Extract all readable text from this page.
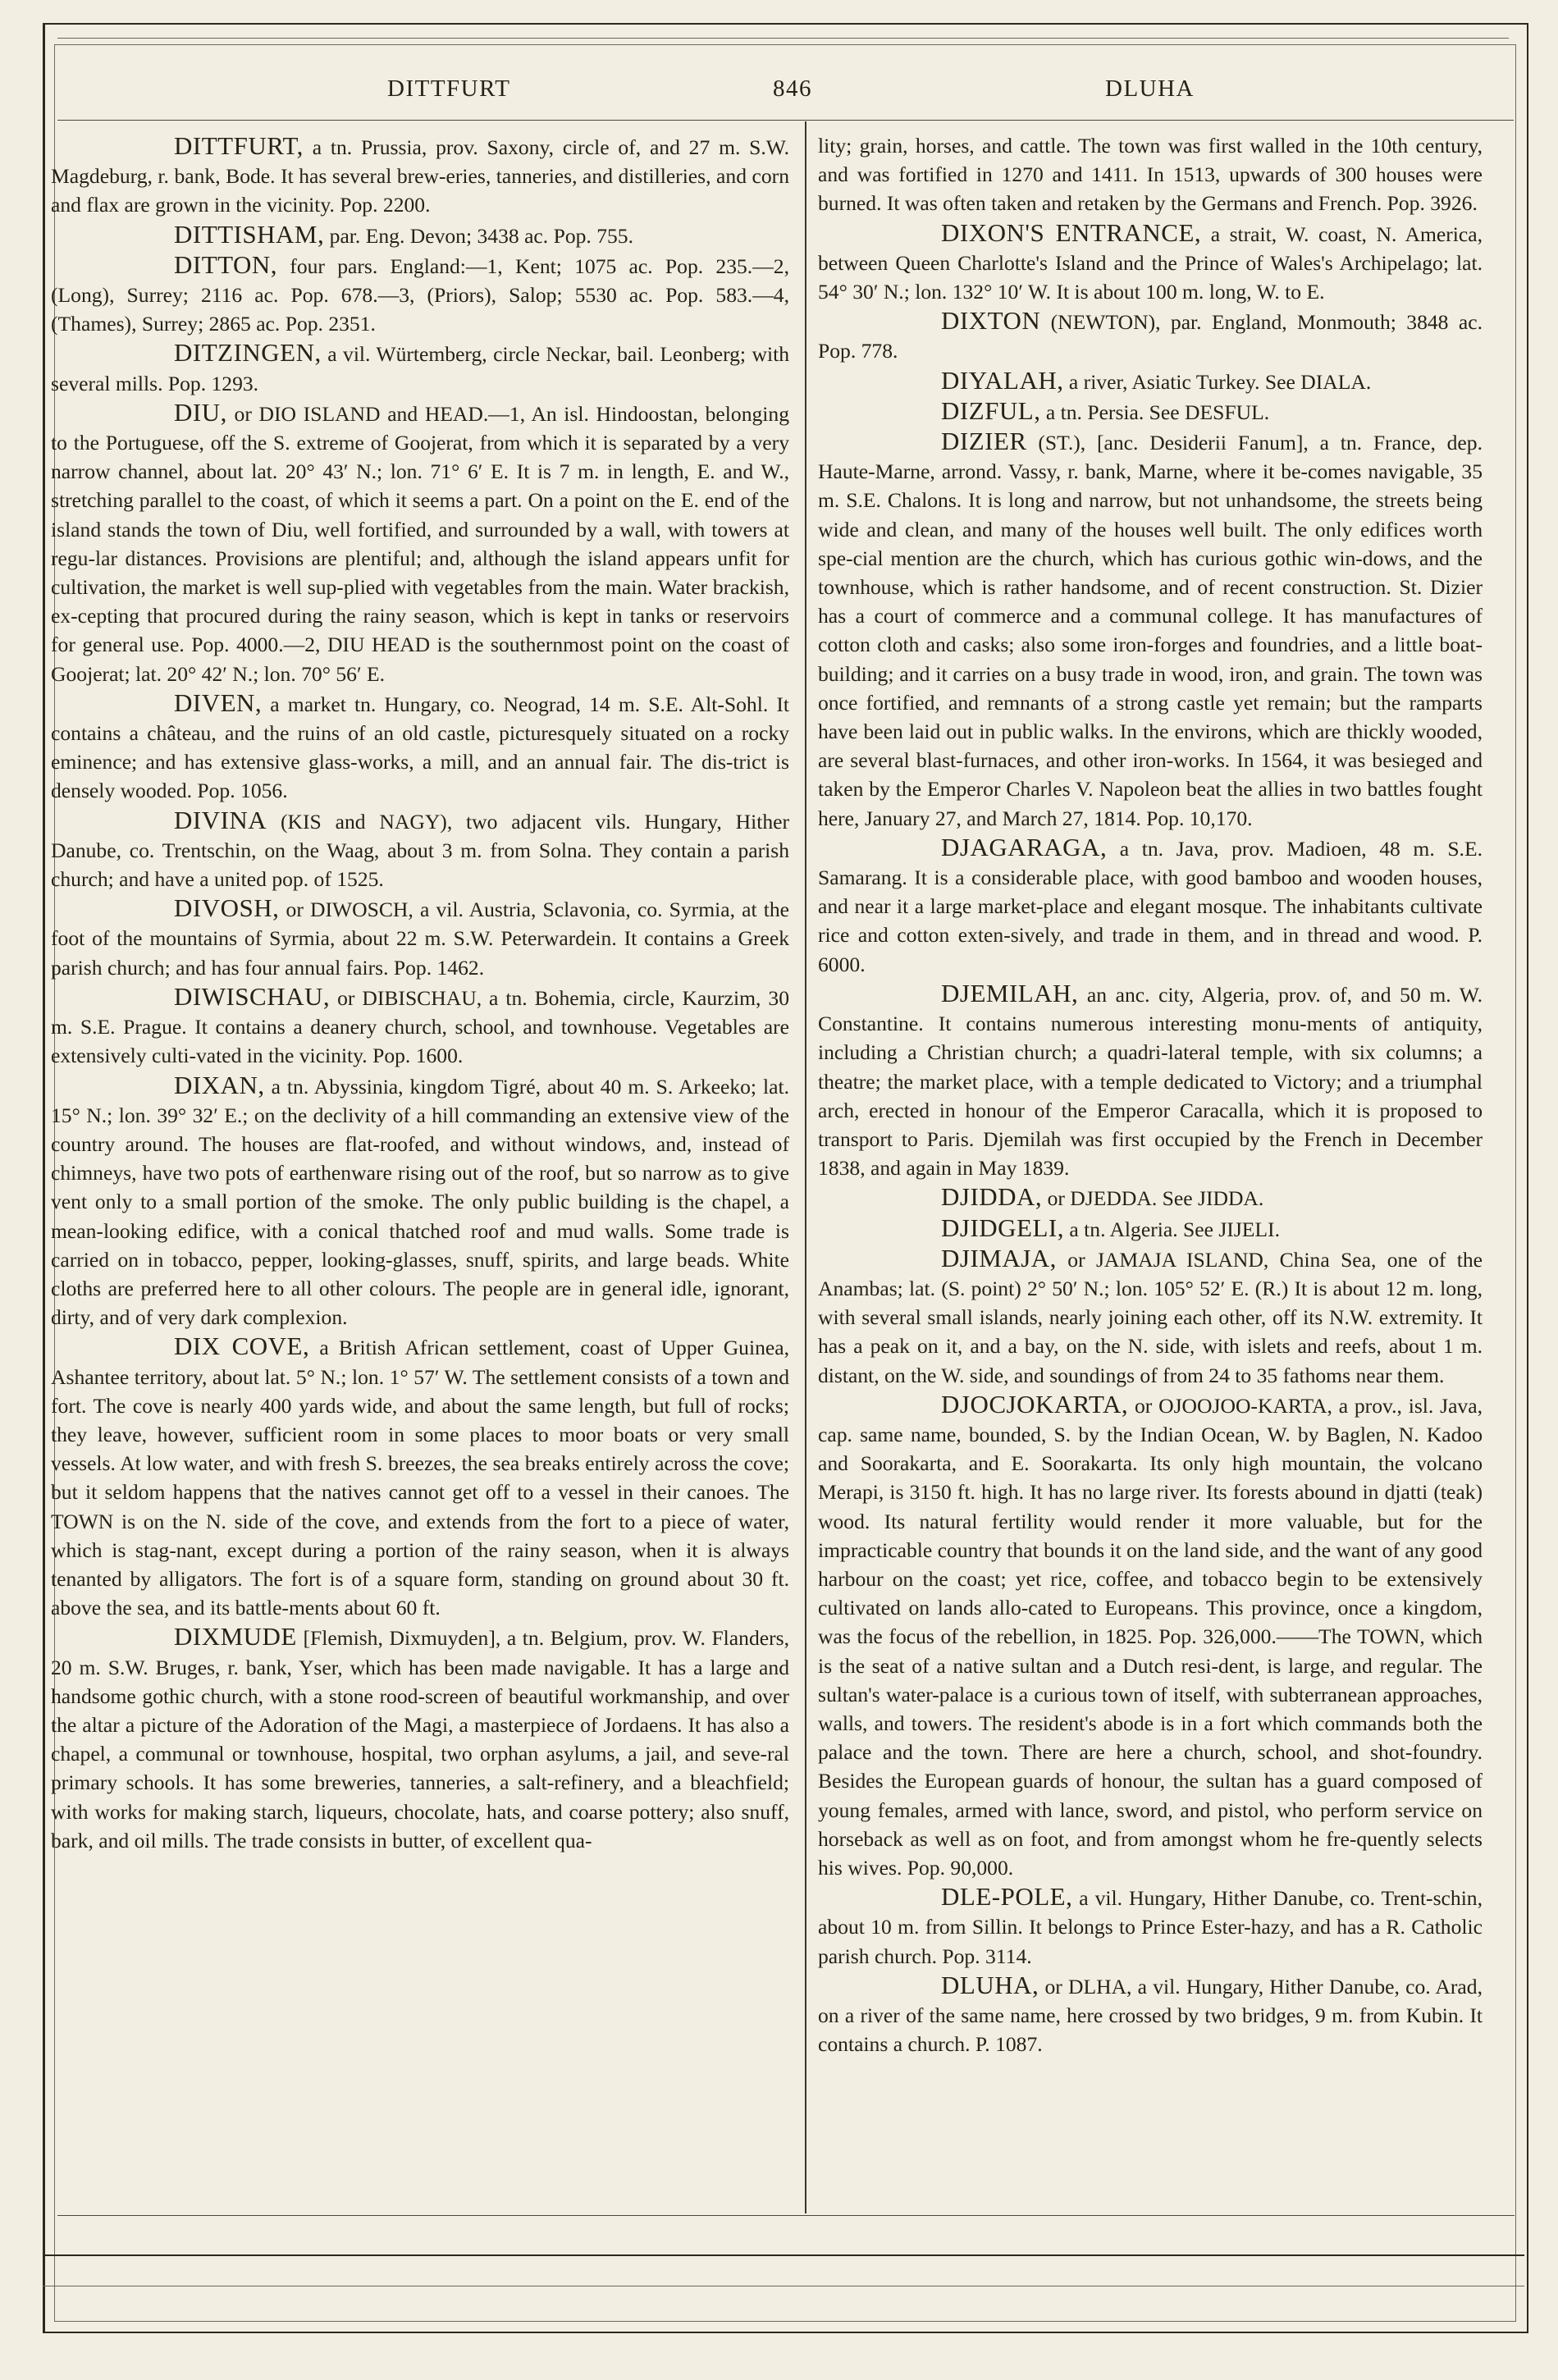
DITTFURT	846	DLUHA

DITTFURT, a tn. Prussia, prov. Saxony, circle of, and 27 m. S.W. Magdeburg, r. bank, Bode. It has several brew-eries, tanneries, and distilleries, and corn and flax are grown in the vicinity. Pop. 2200.

DITTISHAM, par. Eng. Devon; 3438 ac. Pop. 755.

DITTON, four pars. England:—1, Kent; 1075 ac. Pop. 235.—2, (Long), Surrey; 2116 ac. Pop. 678.—3, (Priors), Salop; 5530 ac. Pop. 583.—4, (Thames), Surrey; 2865 ac. Pop. 2351.

DITZINGEN, a vil. Würtemberg, circle Neckar, bail. Leonberg; with several mills. Pop. 1293.

DIU, or DIO ISLAND and HEAD.—1, An isl. Hindoostan, belonging to the Portuguese, off the S. extreme of Goojerat, from which it is separated by a very narrow channel, about lat. 20° 43′ N.; lon. 71° 6′ E. It is 7 m. in length, E. and W., stretching parallel to the coast, of which it seems a part. On a point on the E. end of the island stands the town of Diu, well fortified, and surrounded by a wall, with towers at regu-lar distances. Provisions are plentiful; and, although the island appears unfit for cultivation, the market is well sup-plied with vegetables from the main. Water brackish, ex-cepting that procured during the rainy season, which is kept in tanks or reservoirs for general use. Pop. 4000.—2, DIU HEAD is the southernmost point on the coast of Goojerat; lat. 20° 42′ N.; lon. 70° 56′ E.

DIVEN, a market tn. Hungary, co. Neograd, 14 m. S.E. Alt-Sohl. It contains a château, and the ruins of an old castle, picturesquely situated on a rocky eminence; and has extensive glass-works, a mill, and an annual fair. The dis-trict is densely wooded. Pop. 1056.

DIVINA (KIS and NAGY), two adjacent vils. Hungary, Hither Danube, co. Trentschin, on the Waag, about 3 m. from Solna. They contain a parish church; and have a united pop. of 1525.

DIVOSH, or DIWOSCH, a vil. Austria, Sclavonia, co. Syrmia, at the foot of the mountains of Syrmia, about 22 m. S.W. Peterwardein. It contains a Greek parish church; and has four annual fairs. Pop. 1462.

DIWISCHAU, or DIBISCHAU, a tn. Bohemia, circle, Kaurzim, 30 m. S.E. Prague. It contains a deanery church, school, and townhouse. Vegetables are extensively culti-vated in the vicinity. Pop. 1600.

DIXAN, a tn. Abyssinia, kingdom Tigré, about 40 m. S. Arkeeko; lat. 15° N.; lon. 39° 32′ E.; on the declivity of a hill commanding an extensive view of the country around. The houses are flat-roofed, and without windows, and, instead of chimneys, have two pots of earthenware rising out of the roof, but so narrow as to give vent only to a small portion of the smoke. The only public building is the chapel, a mean-looking edifice, with a conical thatched roof and mud walls. Some trade is carried on in tobacco, pepper, looking-glasses, snuff, spirits, and large beads. White cloths are preferred here to all other colours. The people are in general idle, ignorant, dirty, and of very dark complexion.

DIX COVE, a British African settlement, coast of Upper Guinea, Ashantee territory, about lat. 5° N.; lon. 1° 57′ W. The settlement consists of a town and fort. The cove is nearly 400 yards wide, and about the same length, but full of rocks; they leave, however, sufficient room in some places to moor boats or very small vessels. At low water, and with fresh S. breezes, the sea breaks entirely across the cove; but it seldom happens that the natives cannot get off to a vessel in their canoes. The TOWN is on the N. side of the cove, and extends from the fort to a piece of water, which is stag-nant, except during a portion of the rainy season, when it is always tenanted by alligators. The fort is of a square form, standing on ground about 30 ft. above the sea, and its battle-ments about 60 ft.

DIXMUDE [Flemish, Dixmuyden], a tn. Belgium, prov. W. Flanders, 20 m. S.W. Bruges, r. bank, Yser, which has been made navigable. It has a large and handsome gothic church, with a stone rood-screen of beautiful workmanship, and over the altar a picture of the Adoration of the Magi, a masterpiece of Jordaens. It has also a chapel, a communal or townhouse, hospital, two orphan asylums, a jail, and seve-ral primary schools. It has some breweries, tanneries, a salt-refinery, and a bleachfield; with works for making starch, liqueurs, chocolate, hats, and coarse pottery; also snuff, bark, and oil mills. The trade consists in butter, of excellent qua-

lity; grain, horses, and cattle. The town was first walled in the 10th century, and was fortified in 1270 and 1411. In 1513, upwards of 300 houses were burned. It was often taken and retaken by the Germans and French. Pop. 3926.

DIXON'S ENTRANCE, a strait, W. coast, N. America, between Queen Charlotte's Island and the Prince of Wales's Archipelago; lat. 54° 30′ N.; lon. 132° 10′ W. It is about 100 m. long, W. to E.

DIXTON (NEWTON), par. England, Monmouth; 3848 ac. Pop. 778.

DIYALAH, a river, Asiatic Turkey. See DIALA.

DIZFUL, a tn. Persia. See DESFUL.

DIZIER (ST.), [anc. Desiderii Fanum], a tn. France, dep. Haute-Marne, arrond. Vassy, r. bank, Marne, where it be-comes navigable, 35 m. S.E. Chalons. It is long and narrow, but not unhandsome, the streets being wide and clean, and many of the houses well built. The only edifices worth spe-cial mention are the church, which has curious gothic win-dows, and the townhouse, which is rather handsome, and of recent construction. St. Dizier has a court of commerce and a communal college. It has manufactures of cotton cloth and casks; also some iron-forges and foundries, and a little boat-building; and it carries on a busy trade in wood, iron, and grain. The town was once fortified, and remnants of a strong castle yet remain; but the ramparts have been laid out in public walks. In the environs, which are thickly wooded, are several blast-furnaces, and other iron-works. In 1564, it was besieged and taken by the Emperor Charles V. Napoleon beat the allies in two battles fought here, January 27, and March 27, 1814. Pop. 10,170.

DJAGARAGA, a tn. Java, prov. Madioen, 48 m. S.E. Samarang. It is a considerable place, with good bamboo and wooden houses, and near it a large market-place and elegant mosque. The inhabitants cultivate rice and cotton exten-sively, and trade in them, and in thread and wood. P. 6000.

DJEMILAH, an anc. city, Algeria, prov. of, and 50 m. W. Constantine. It contains numerous interesting monu-ments of antiquity, including a Christian church; a quadri-lateral temple, with six columns; a theatre; the market place, with a temple dedicated to Victory; and a triumphal arch, erected in honour of the Emperor Caracalla, which it is proposed to transport to Paris. Djemilah was first occupied by the French in December 1838, and again in May 1839.

DJIDDA, or DJEDDA. See JIDDA.

DJIDGELI, a tn. Algeria. See JIJELI.

DJIMAJA, or JAMAJA ISLAND, China Sea, one of the Anambas; lat. (S. point) 2° 50′ N.; lon. 105° 52′ E. (R.) It is about 12 m. long, with several small islands, nearly joining each other, off its N.W. extremity. It has a peak on it, and a bay, on the N. side, with islets and reefs, about 1 m. distant, on the W. side, and soundings of from 24 to 35 fathoms near them.

DJOCJOKARTA, or OJOOJOO-KARTA, a prov., isl. Java, cap. same name, bounded, S. by the Indian Ocean, W. by Baglen, N. Kadoo and Soorakarta, and E. Soorakarta. Its only high mountain, the volcano Merapi, is 3150 ft. high. It has no large river. Its forests abound in djatti (teak) wood. Its natural fertility would render it more valuable, but for the impracticable country that bounds it on the land side, and the want of any good harbour on the coast; yet rice, coffee, and tobacco begin to be extensively cultivated on lands allo-cated to Europeans. This province, once a kingdom, was the focus of the rebellion, in 1825. Pop. 326,000.——The TOWN, which is the seat of a native sultan and a Dutch resi-dent, is large, and regular. The sultan's water-palace is a curious town of itself, with subterranean approaches, walls, and towers. The resident's abode is in a fort which commands both the palace and the town. There are here a church, school, and shot-foundry. Besides the European guards of honour, the sultan has a guard composed of young females, armed with lance, sword, and pistol, who perform service on horseback as well as on foot, and from amongst whom he fre-quently selects his wives. Pop. 90,000.

DLE-POLE, a vil. Hungary, Hither Danube, co. Trent-schin, about 10 m. from Sillin. It belongs to Prince Ester-hazy, and has a R. Catholic parish church. Pop. 3114.

DLUHA, or DLHA, a vil. Hungary, Hither Danube, co. Arad, on a river of the same name, here crossed by two bridges, 9 m. from Kubin. It contains a church. P. 1087.
